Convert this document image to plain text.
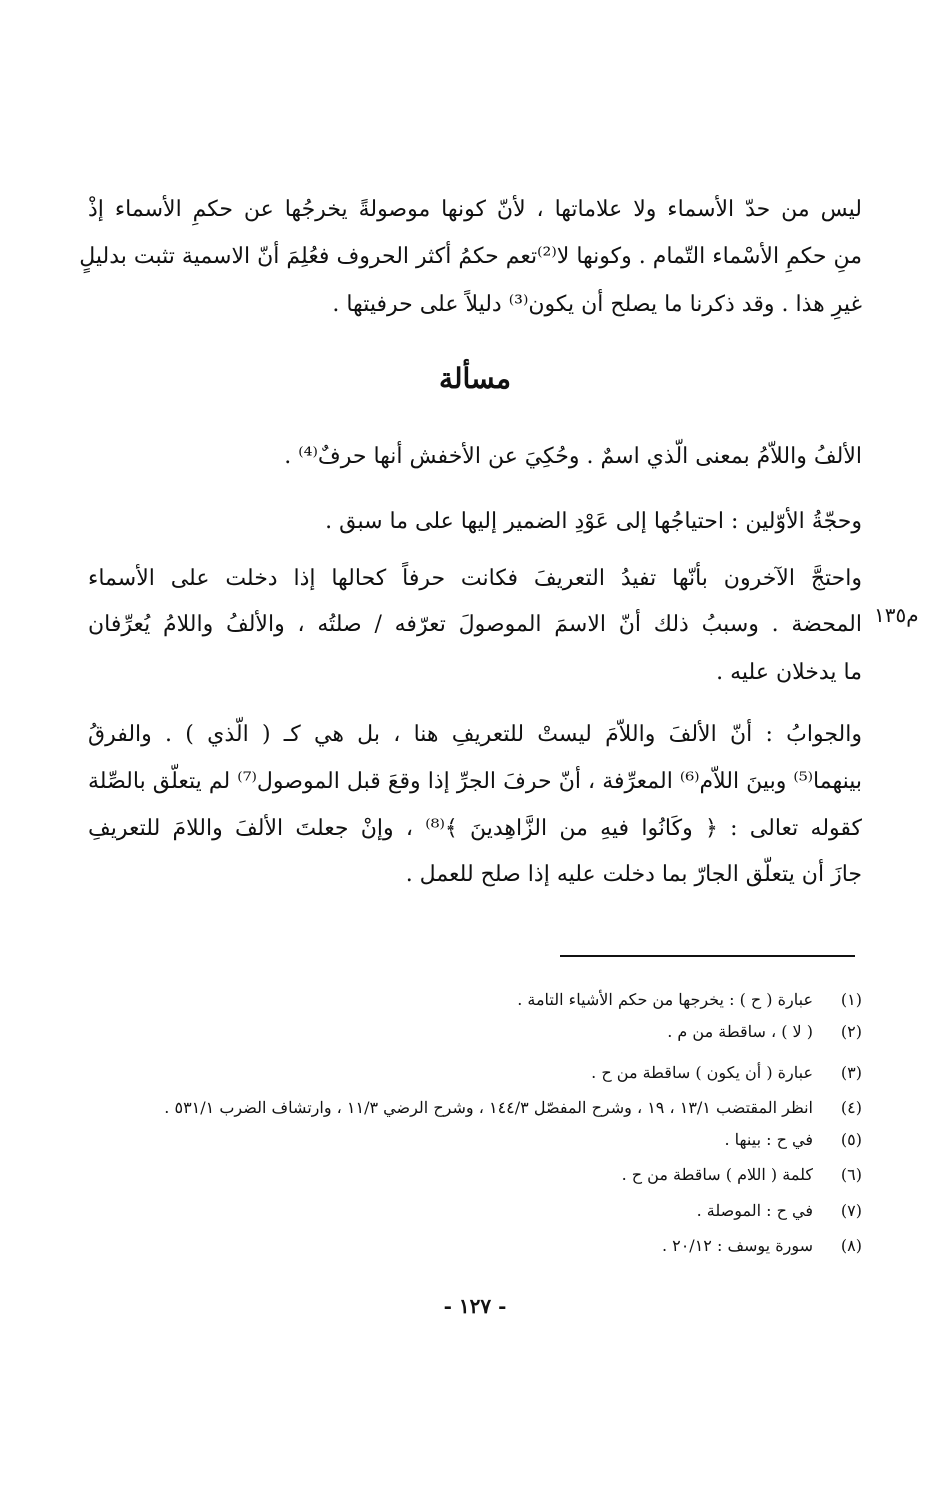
ليس من حدّ الأسماء ولا علاماتها ، لأنّ كونها موصولةً يخرجُها عن حكمِ الأسماء إذْ
منِ حكمِ الأسْماء التّمام . وكونها لا⁽²⁾تعم حكمُ أكثر الحروف فعُلِمَ أنّ الاسمية تثبت بدليلٍ
غيرِ هذا . وقد ذكرنا ما يصلح أن يكون⁽³⁾ دليلاً على حرفيتها .
مسألة
الألفُ واللاّمُ بمعنى الّذي اسمٌ . وحُكِيَ عن الأخفش أنها حرفٌ⁽⁴⁾ .
وحجّةُ الأوّلين : احتياجُها إلى عَوْدِ الضمير إليها على ما سبق .
واحتجَّ الآخرون بأنّها تفيدُ التعريفَ فكانت حرفاً كحالها إذا دخلت على الأسماء
المحضة . وسببُ ذلك أنّ الاسمَ الموصولَ تعرّفه / صلتُه ، والألفُ واللامُ يُعرِّفان
ما يدخلان عليه .
م١٣٥
والجوابُ : أنّ الألفَ واللاّمَ ليستْ للتعريفِ هنا ، بل هي كـ ( الّذي ) . والفرقُ
بينهما⁽⁵⁾ وبينَ اللاّم⁽⁶⁾ المعرِّفة ، أنّ حرفَ الجرِّ إذا وقعَ قبل الموصول⁽⁷⁾ لم يتعلّق بالصِّلة
كقوله تعالى : ﴿ وكَانُوا فيهِ من الزَّاهِدينَ ﴾⁽⁸⁾ ، وإنْ جعلتَ الألفَ واللامَ للتعريفِ
جازَ أن يتعلّق الجارّ بما دخلت عليه إذا صلح للعمل .
(١)
عبارة ( ح ) : يخرجها من حكم الأشياء التامة .
(٢)
( لا ) ، ساقطة من م .
(٣)
عبارة ( أن يكون ) ساقطة من ح .
(٤)
انظر المقتضب ١٣/١ ، ١٩ ، وشرح المفصّل ١٤٤/٣ ، وشرح الرضي ١١/٣ ، وارتشاف الضرب ٥٣١/١ .
(٥)
في ح : بينها .
(٦)
كلمة ( اللام ) ساقطة من ح .
(٧)
في ح : الموصلة .
(٨)
سورة يوسف : ٢٠/١٢ .
- ١٢٧ -
